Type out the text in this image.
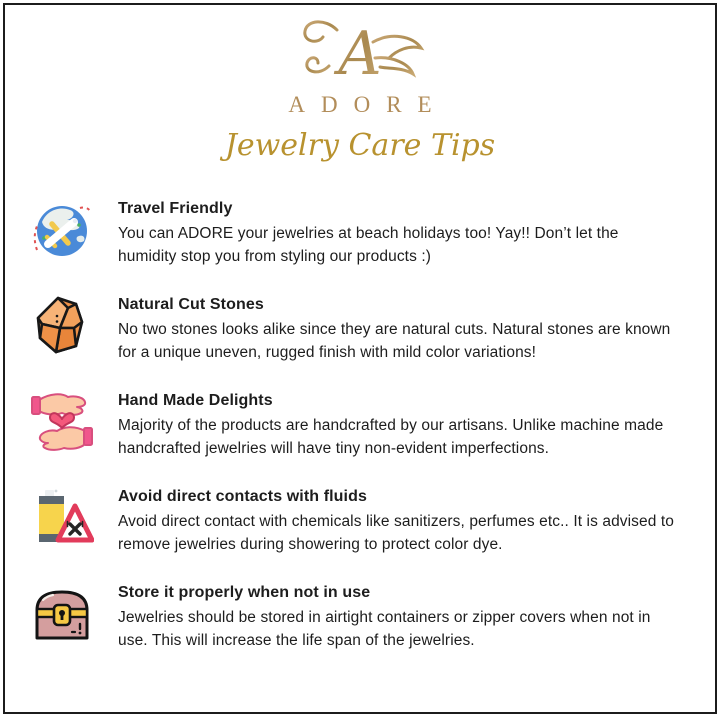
A
ADORE
Jewelry Care Tips
Travel Friendly
You can ADORE your jewelries at beach holidays too! Yay!! Don’t let the humidity stop you from styling our products :)
Natural Cut Stones
No two stones looks alike since they are natural cuts. Natural stones are known for a unique uneven, rugged finish with mild color variations!
Hand Made Delights
Majority of the products are handcrafted by our artisans. Unlike machine made handcrafted jewelries will have tiny non-evident imperfections.
Avoid direct contacts with fluids
Avoid direct contact with chemicals like sanitizers, perfumes etc.. It is advised to remove jewelries during showering to protect color dye.
Store it properly when not in use
Jewelries should be stored in airtight containers or zipper covers when not in use. This will increase the life span of the jewelries.
